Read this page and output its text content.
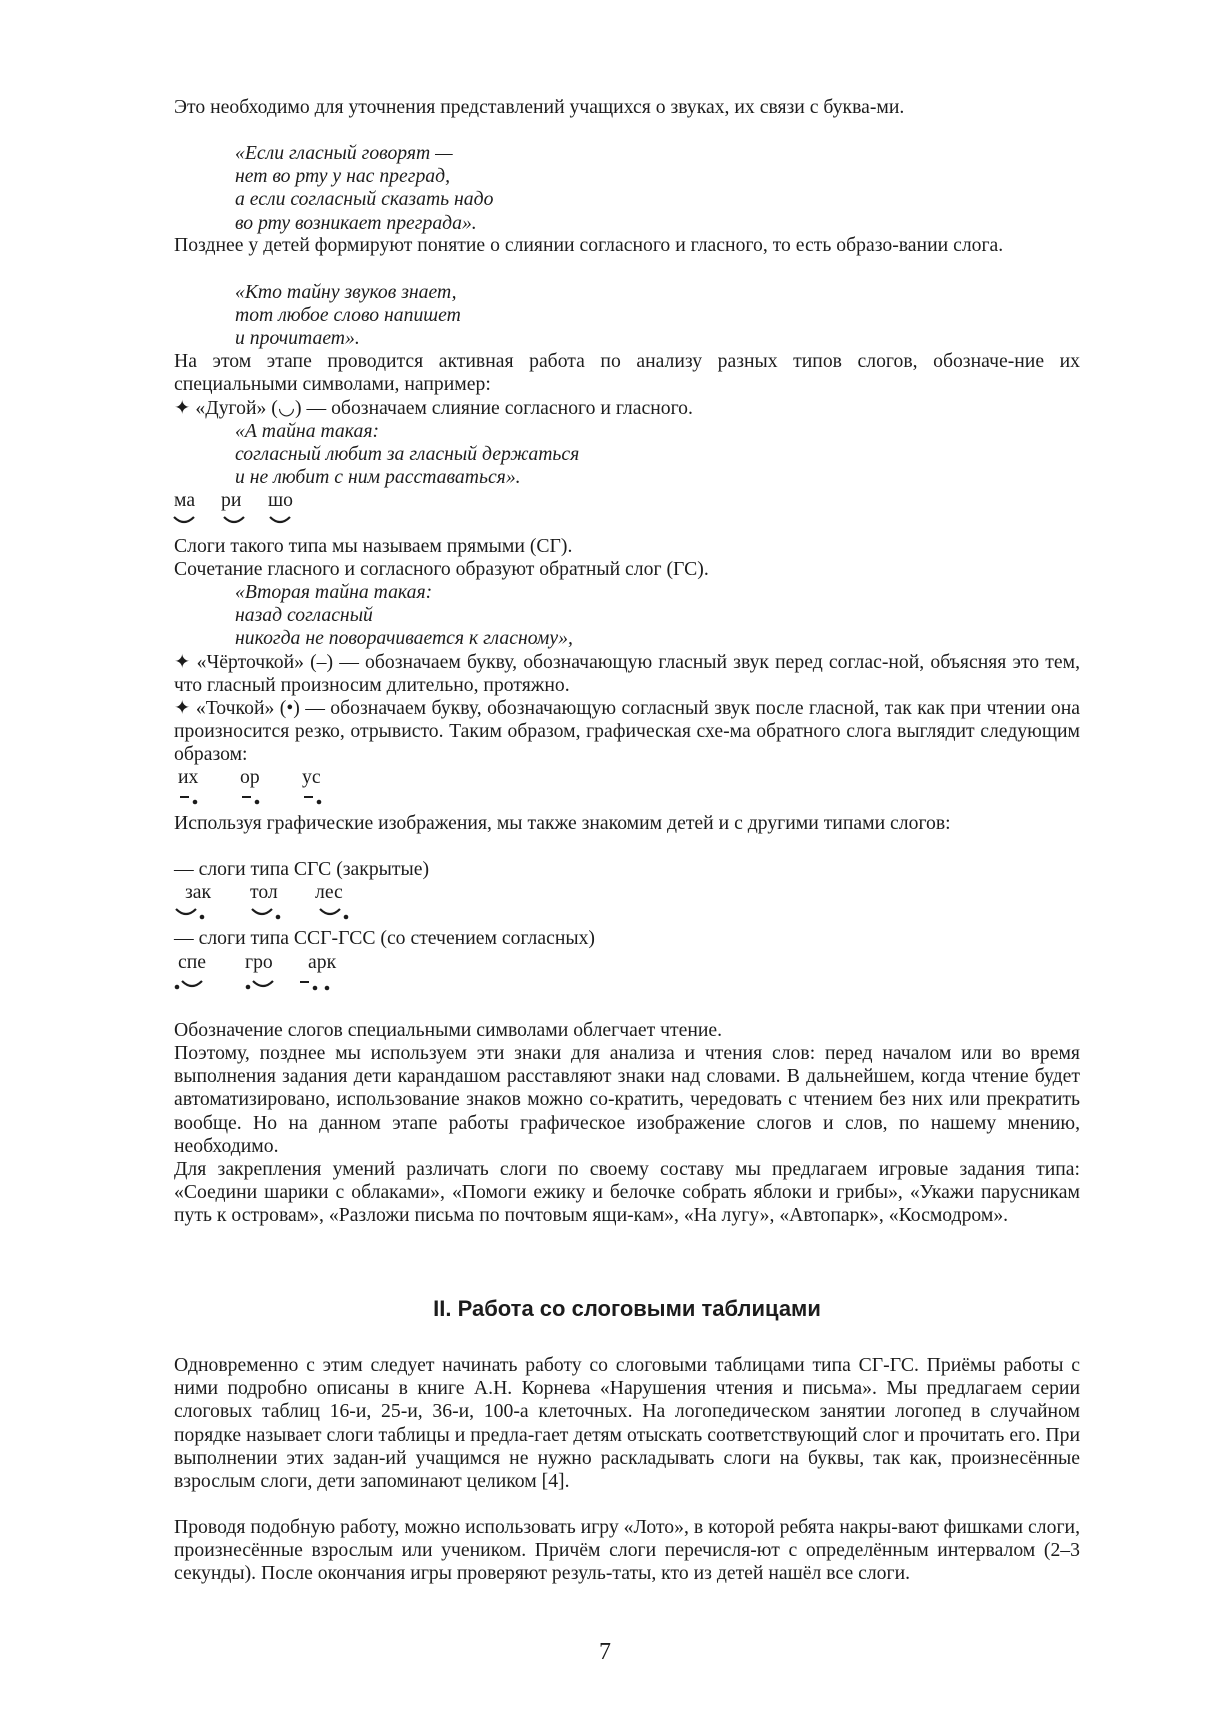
Это необходимо для уточнения представлений учащихся о звуках, их связи с буква-ми.

«Если гласный говорят —
нет во рту у нас преград,
а если согласный сказать надо
во рту возникает преграда».

Позднее у детей формируют понятие о слиянии согласного и гласного, то есть образо-вании слога.

«Кто тайну звуков знает,
тот любое слово напишет
и прочитает».

На этом этапе проводится активная работа по анализу разных типов слогов, обозначе-ние их специальными символами, например:

✦ «Дугой» (◡) — обозначаем слияние согласного и гласного.
«А тайна такая:
согласный любит за гласный держаться
и не любит с ним расставаться».
ма ри шо
Слоги такого типа мы называем прямыми (СГ).
Сочетание гласного и согласного образуют обратный слог (ГС).
«Вторая тайна такая:
назад согласный
никогда не поворачивается к гласному»,

✦ «Чёрточкой» (–) — обозначаем букву, обозначающую гласный звук перед соглас-ной, объясняя это тем, что гласный произносим длительно, протяжно.

✦ «Точкой» (•) — обозначаем букву, обозначающую согласный звук после гласной, так как при чтении она произносится резко, отрывисто. Таким образом, графическая схе-ма обратного слога выглядит следующим образом:

их ор ус

Используя графические изображения, мы также знакомим детей и с другими типами слогов:

— слоги типа СГС (закрытые)
зак тол лес
— слоги типа ССГ-ГСС (со стечением согласных)
спе гро арк
Обозначение слогов специальными символами облегчает чтение.

Поэтому, позднее мы используем эти знаки для анализа и чтения слов: перед началом или во время выполнения задания дети карандашом расставляют знаки над словами. В дальнейшем, когда чтение будет автоматизировано, использование знаков можно со-кратить, чередовать с чтением без них или прекратить вообще. Но на данном этапе работы графическое изображение слогов и слов, по нашему мнению, необходимо.

Для закрепления умений различать слоги по своему составу мы предлагаем игровые задания типа: «Соедини шарики с облаками», «Помоги ежику и белочке собрать яблоки и грибы», «Укажи парусникам путь к островам», «Разложи письма по почтовым ящи-кам», «На лугу», «Автопарк», «Космодром».

II. Работа со слоговыми таблицами

Одновременно с этим следует начинать работу со слоговыми таблицами типа СГ-ГС. Приёмы работы с ними подробно описаны в книге А.Н. Корнева «Нарушения чтения и письма». Мы предлагаем серии слоговых таблиц 16-и, 25-и, 36-и, 100-а клеточных. На логопедическом занятии логопед в случайном порядке называет слоги таблицы и предла-гает детям отыскать соответствующий слог и прочитать его. При выполнении этих задан-ий учащимся не нужно раскладывать слоги на буквы, так как, произнесённые взрослым слоги, дети запоминают целиком [4].

Проводя подобную работу, можно использовать игру «Лото», в которой ребята накры-вают фишками слоги, произнесённые взрослым или учеником. Причём слоги перечисля-ют с определённым интервалом (2–3 секунды). После окончания игры проверяют резуль-таты, кто из детей нашёл все слоги.

7
